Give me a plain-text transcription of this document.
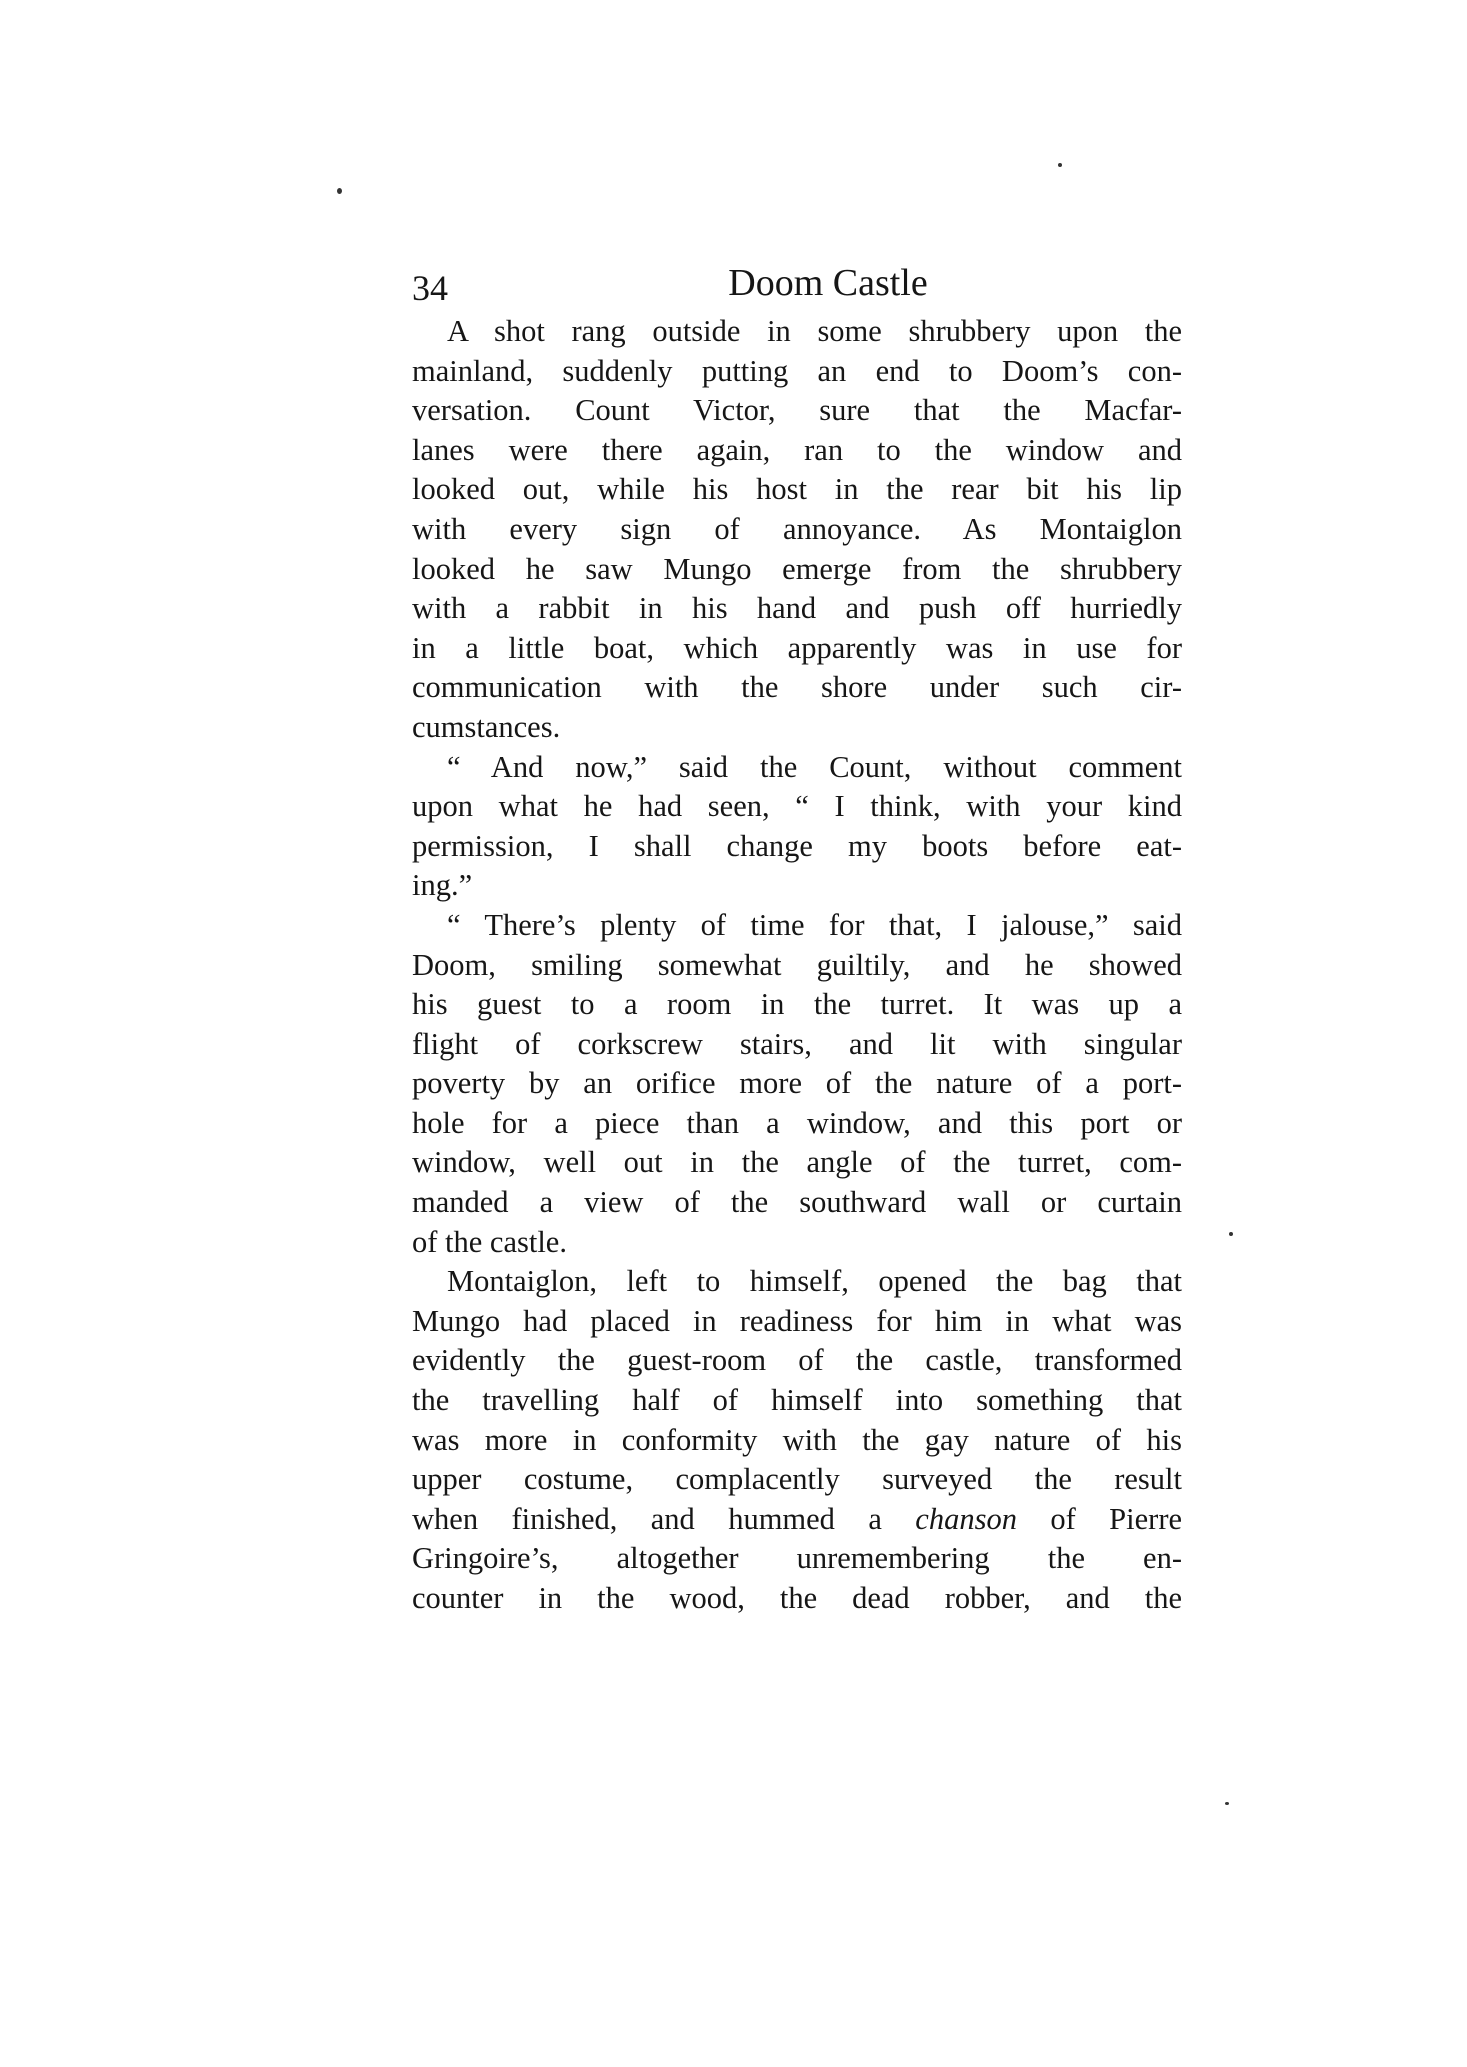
34	Doom Castle

A shot rang outside in some shrubbery upon the
mainland, suddenly putting an end to Doom’s con-
versation. Count Victor, sure that the Macfar-
lanes were there again, ran to the window and
looked out, while his host in the rear bit his lip
with every sign of annoyance. As Montaiglon
looked he saw Mungo emerge from the shrubbery
with a rabbit in his hand and push off hurriedly
in a little boat, which apparently was in use for
communication with the shore under such cir-
cumstances.

“ And now,” said the Count, without comment
upon what he had seen, “ I think, with your kind
permission, I shall change my boots before eat-
ing.”

“ There’s plenty of time for that, I jalouse,” said
Doom, smiling somewhat guiltily, and he showed
his guest to a room in the turret. It was up a
flight of corkscrew stairs, and lit with singular
poverty by an orifice more of the nature of a port-
hole for a piece than a window, and this port or
window, well out in the angle of the turret, com-
manded a view of the southward wall or curtain
of the castle.

Montaiglon, left to himself, opened the bag that
Mungo had placed in readiness for him in what was
evidently the guest-room of the castle, transformed
the travelling half of himself into something that
was more in conformity with the gay nature of his
upper costume, complacently surveyed the result
when finished, and hummed a chanson of Pierre
Gringoire’s, altogether unremembering the en-
counter in the wood, the dead robber, and the
